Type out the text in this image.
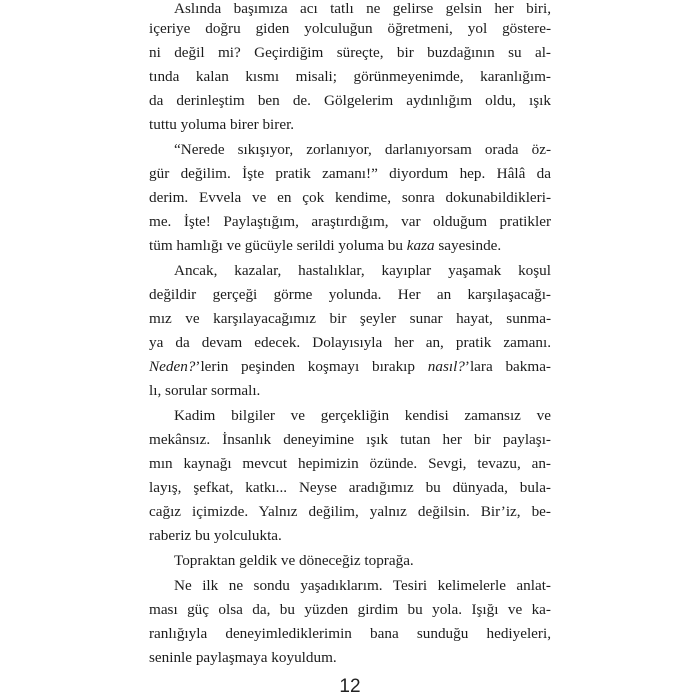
Aslında başımıza acı tatlı ne gelirse gelsin her biri,
içeriye doğru giden yolculuğun öğretmeni, yol göstere-
ni değil mi? Geçirdiğim süreçte, bir buzdağının su al-
tında kalan kısmı misali; görünmeyenimde, karanlığım-
da derinleştim ben de. Gölgelerim aydınlığım oldu, ışık
tuttu yoluma birer birer.
“Nerede sıkışıyor, zorlanıyor, darlanıyorsam orada öz-
gür değilim. İşte pratik zamanı!” diyordum hep. Hâlâ da
derim. Evvela ve en çok kendime, sonra dokunabildikleri-
me. İşte! Paylaştığım, araştırdığım, var olduğum pratikler
tüm hamlığı ve gücüyle serildi yoluma bu kaza sayesinde.
Ancak, kazalar, hastalıklar, kayıplar yaşamak koşul
değildir gerçeği görme yolunda. Her an karşılaşacağı-
mız ve karşılayacağımız bir şeyler sunar hayat, sunma-
ya da devam edecek. Dolayısıyla her an, pratik zamanı.
Neden?’lerin peşinden koşmayı bırakıp nasıl?’lara bakma-
lı, sorular sormalı.
Kadim bilgiler ve gerçekliğin kendisi zamansız ve
mekânsız. İnsanlık deneyimine ışık tutan her bir paylaşı-
mın kaynağı mevcut hepimizin özünde. Sevgi, tevazu, an-
layış, şefkat, katkı... Neyse aradığımız bu dünyada, bula-
cağız içimizde. Yalnız değilim, yalnız değilsin. Bir’iz, be-
raberiz bu yolculukta.
Topraktan geldik ve döneceğiz toprağa.
Ne ilk ne sondu yaşadıklarım. Tesiri kelimelerle anlat-
ması güç olsa da, bu yüzden girdim bu yola. Işığı ve ka-
ranlığıyla deneyimlediklerimin bana sunduğu hediyeleri,
seninle paylaşmaya koyuldum.
12
